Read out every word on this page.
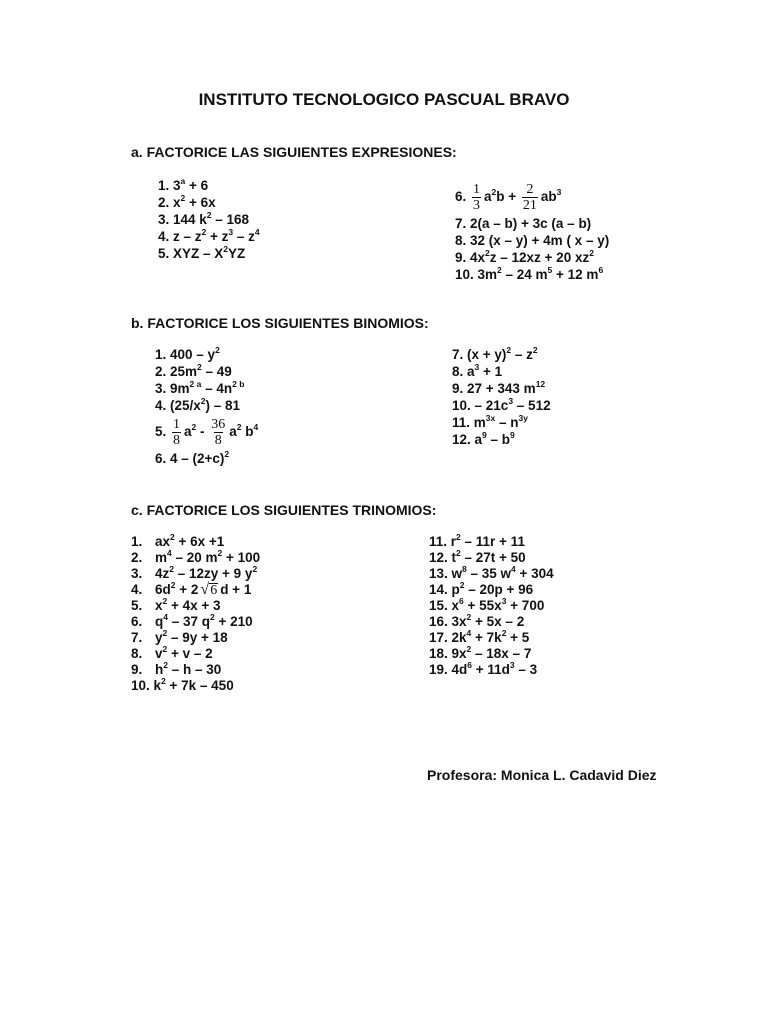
INSTITUTO TECNOLOGICO PASCUAL BRAVO
a. FACTORICE LAS SIGUIENTES EXPRESIONES:
1. $3^a + 6$
2. $x^2 + 6x$
3. 144 $k^2 - 168$
4. $z - z^2 + z^3 - z^4$
5. XYZ – $X^2YZ$
6. $\frac{1}{3} a^2b + \frac{2}{21} ab^3$
7. 2(a – b) + 3c (a – b)
8. 32 (x – y) + 4m ( x – y)
9. $4x^2z - 12xz + 20$ $xz^2$
10. $3m^2 - 24$ $m^5 + 12$ $m^6$
b. FACTORICE LOS SIGUIENTES BINOMIOS:
1. $400 - y^2$
2. $25m^2 - 49$
3. $9m^{2 a} - 4n^{2 b}$
4. $(25/x^2) - 81$
5. $\frac{1}{8} a^2 - \frac{36}{8} a^2$ $b^4$
6. $4 - (2+c)^2$
7. $(x + y)^2 - z^2$
8. $a^3 + 1$
9. 27 + 343 $m^{12}$
10. – $21c^3 - 512$
11. $m^{3x} - n^{3y}$
12. $a^9 - b^9$
c. FACTORICE LOS SIGUIENTES TRINOMIOS:
1. $ax^2 + 6x +1$
2. $m^4 - 20$ $m^2 + 100$
3. $4z^2 - 12zy + 9$ $y^2$
4. $6d^2 + 2$ √ 6 d + 1
5. $x^2 + 4x + 3$
6. $q^4 - 37$ $q^2 + 210$
7. $y^2 - 9y + 18$
8. $v^2 + v - 2$
9. $h^2$ – h – 30
10. $k^2 + 7k - 450$
11. $r^2 - 11r + 11$
12. $t^2 - 27t + 50$
13. $w^8 - 35$ $w^4 + 304$
14. $p^2 - 20p + 96$
15. $x^6 + 55x^3 + 700$
16. $3x^2 + 5x - 2$
17. $2k^4 + 7k^2 + 5$
18. $9x^2 - 18x - 7$
19. $4d^6 + 11d^3 - 3$
Profesora: Monica L. Cadavid Diez
